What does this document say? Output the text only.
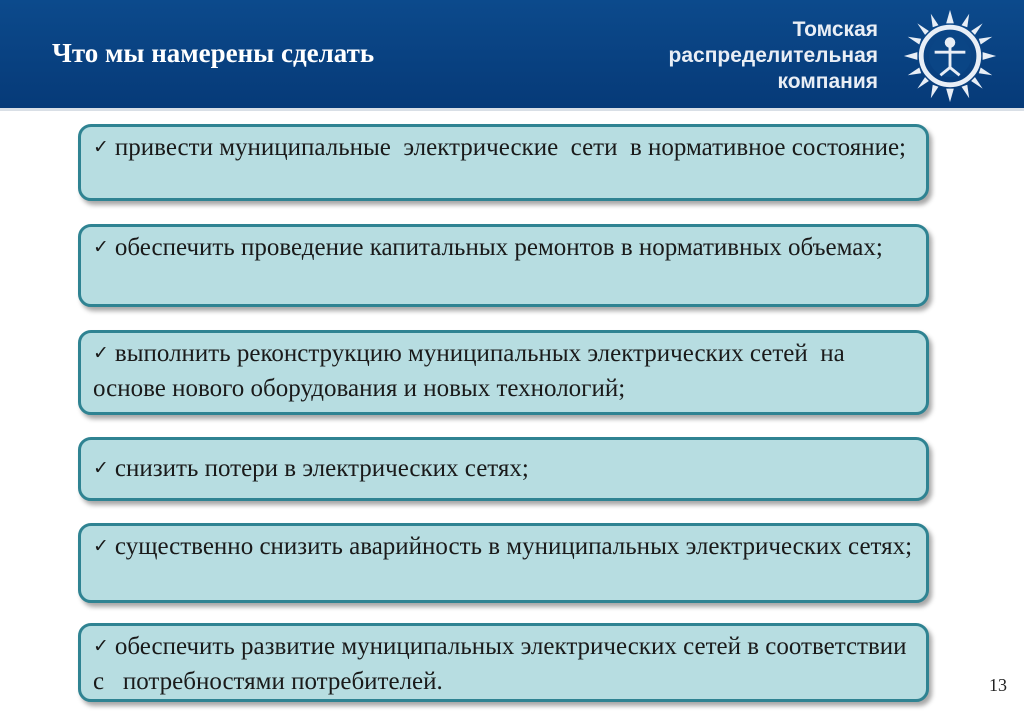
Что мы намерены сделать
Томская
распределительная
компания
✓ привести муниципальные  электрические  сети  в нормативное состояние;
✓ обеспечить проведение капитальных ремонтов в нормативных объемах;
✓ выполнить реконструкцию муниципальных электрических сетей  на основе нового оборудования и новых технологий;
✓ снизить потери в электрических сетях;
✓ существенно снизить аварийность в муниципальных электрических сетях;
✓ обеспечить развитие муниципальных электрических сетей в соответствии с   потребностями потребителей.	13
